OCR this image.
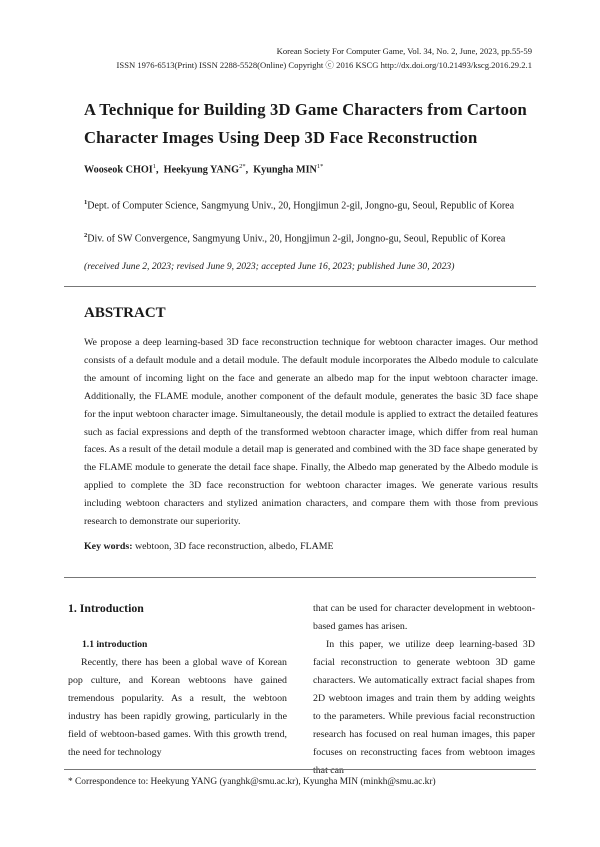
Korean Society For Computer Game, Vol. 34, No. 2, June, 2023, pp.55-59
ISSN 1976-6513(Print) ISSN 2288-5528(Online) Copyright ⓒ 2016 KSCG http://dx.doi.org/10.21493/kscg.2016.29.2.1
A Technique for Building 3D Game Characters from Cartoon Character Images Using Deep 3D Face Reconstruction
Wooseok CHOI$^1$,  Heekyung $YANG^{2*}$,  Kyungha $MIN^{1*}$
$^1$Dept. of Computer Science, Sangmyung Univ., 20, Hongjimun 2-gil, Jongno-gu, Seoul, Republic of Korea
$^2$Div. of SW Convergence, Sangmyung Univ., 20, Hongjimun 2-gil, Jongno-gu, Seoul, Republic of Korea
(received June 2, 2023; revised June 9, 2023; accepted June 16, 2023; published June 30, 2023)
ABSTRACT
We propose a deep learning-based 3D face reconstruction technique for webtoon character images. Our method consists of a default module and a detail module. The default module incorporates the Albedo module to calculate the amount of incoming light on the face and generate an albedo map for the input webtoon character image. Additionally, the FLAME module, another component of the default module, generates the basic 3D face shape for the input webtoon character image. Simultaneously, the detail module is applied to extract the detailed features such as facial expressions and depth of the transformed webtoon character image, which differ from real human faces. As a result of the detail module a detail map is generated and combined with the 3D face shape generated by the FLAME module to generate the detail face shape. Finally, the Albedo map generated by the Albedo module is applied to complete the 3D face reconstruction for webtoon character images. We generate various results including webtoon characters and stylized animation characters, and compare them with those from previous research to demonstrate our superiority.
Key words: webtoon, 3D face reconstruction, albedo, FLAME
1. Introduction
1.1 introduction
Recently, there has been a global wave of Korean pop culture, and Korean webtoons have gained tremendous popularity. As a result, the webtoon industry has been rapidly growing, particularly in the field of webtoon-based games. With this growth trend, the need for technology
that can be used for character development in webtoon-based games has arisen.
In this paper, we utilize deep learning-based 3D facial reconstruction to generate webtoon 3D game characters. We automatically extract facial shapes from 2D webtoon images and train them by adding weights to the parameters. While previous facial reconstruction research has focused on real human images, this paper focuses on reconstructing faces from webtoon images that can
* Correspondence to: Heekyung YANG (yanghk@smu.ac.kr), Kyungha MIN (minkh@smu.ac.kr)
